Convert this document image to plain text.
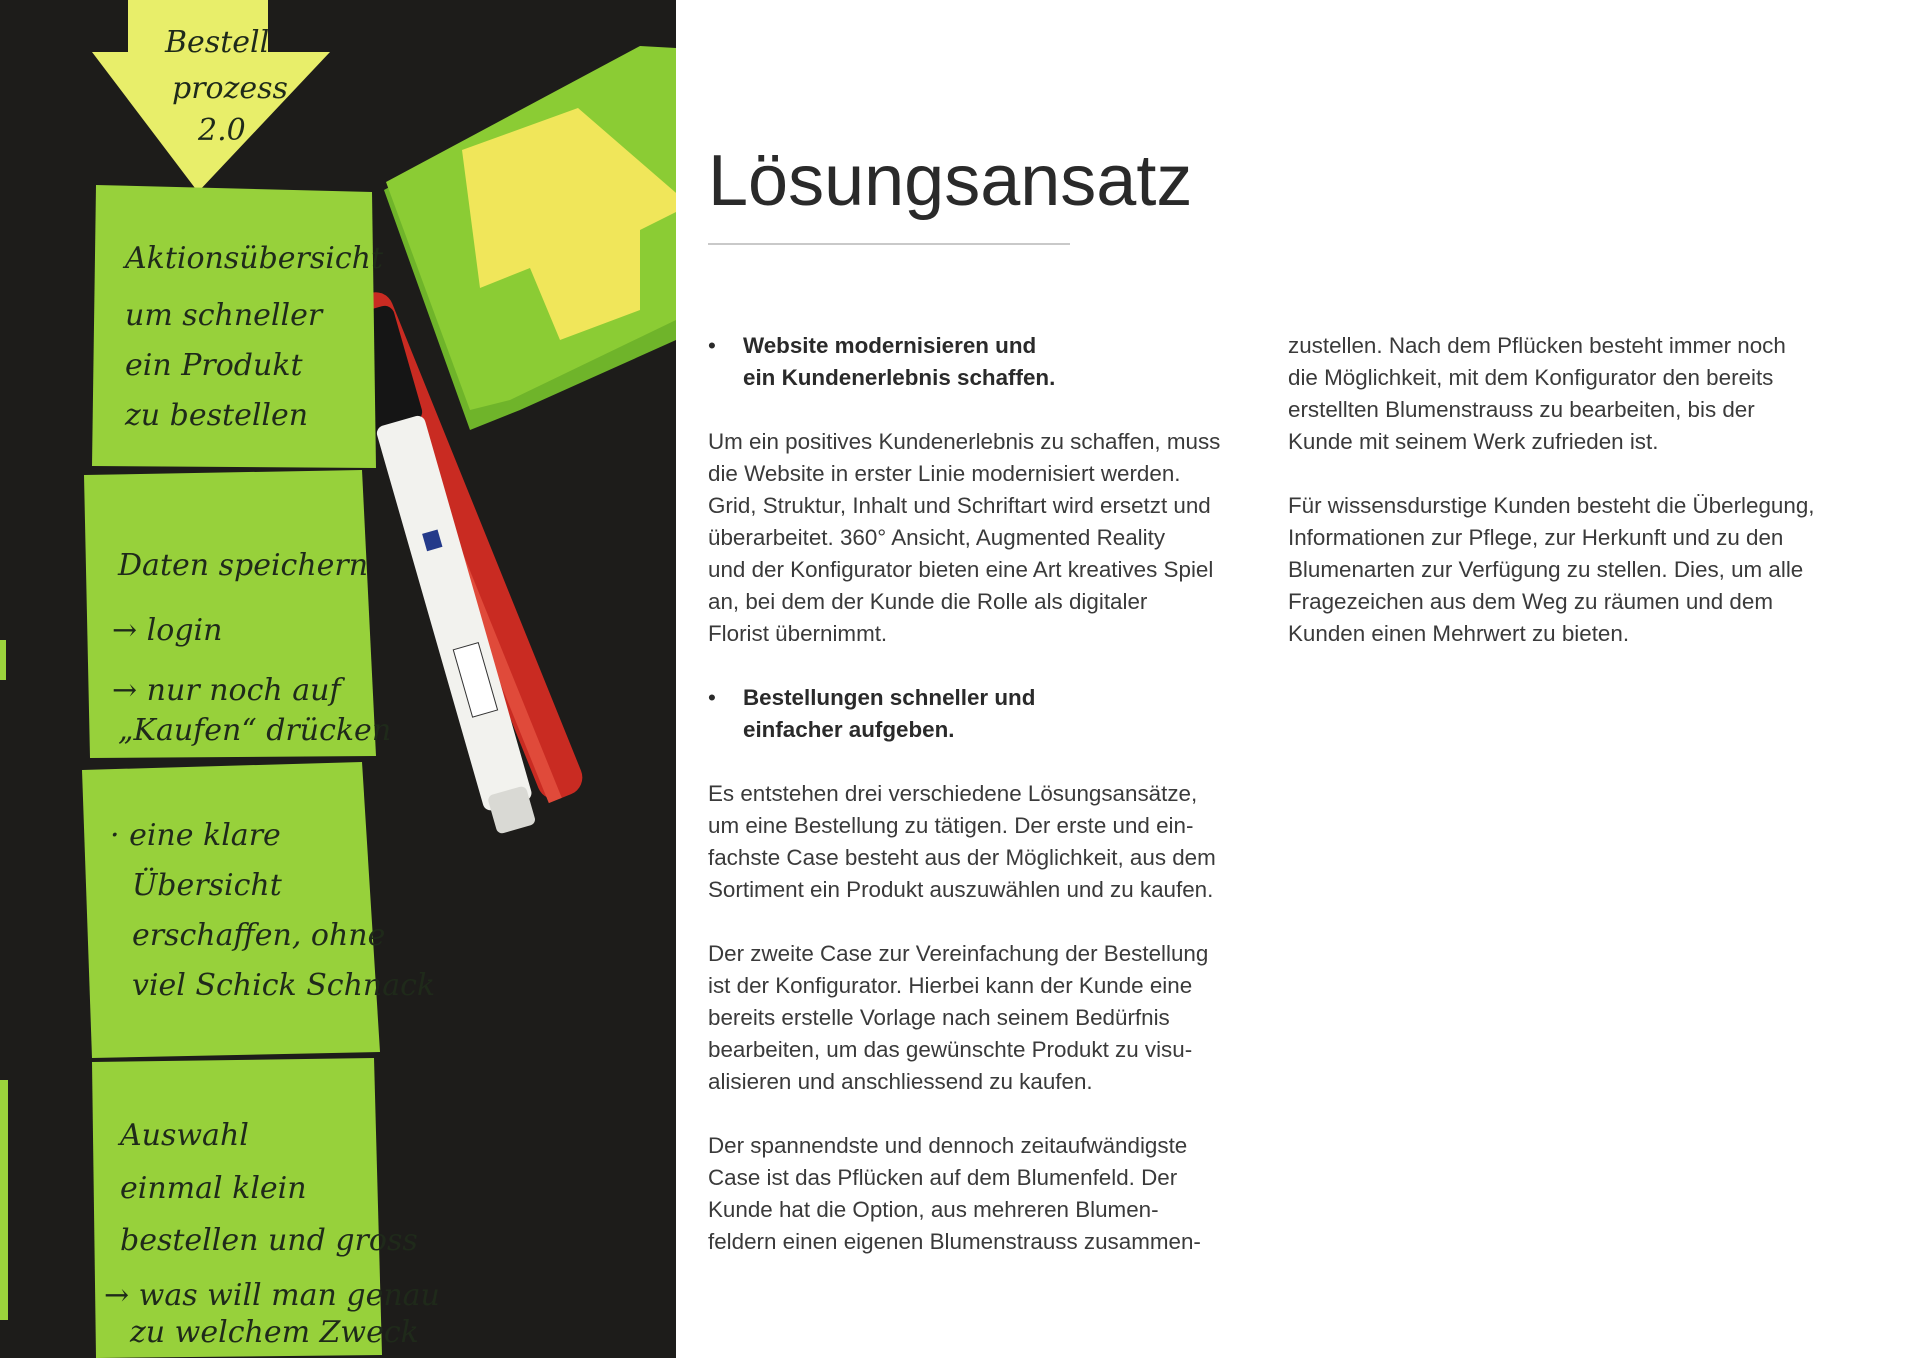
Bestell
prozess
2.0
Aktionsübersicht
um schneller
ein Produkt
zu bestellen
Daten speichern
→ login
→ nur noch auf
„Kaufen“ drücken
· eine klare
Übersicht
erschaffen, ohne
viel Schick Schnack
Auswahl
einmal klein
bestellen und gross
→ was will man genau
zu welchem Zweck
Lösungsansatz
• Website modernisieren und
ein Kundenerlebnis schaffen.

Um ein positives Kundenerlebnis zu schaffen, muss
die Website in erster Linie modernisiert werden.
Grid, Struktur, Inhalt und Schriftart wird ersetzt und
überarbeitet. 360° Ansicht, Augmented Reality
und der Konfigurator bieten eine Art kreatives Spiel
an, bei dem der Kunde die Rolle als digitaler
Florist übernimmt.

• Bestellungen schneller und
einfacher aufgeben.

Es entstehen drei verschiedene Lösungsansätze,
um eine Bestellung zu tätigen. Der erste und ein-
fachste Case besteht aus der Möglichkeit, aus dem
Sortiment ein Produkt auszuwählen und zu kaufen.

Der zweite Case zur Vereinfachung der Bestellung
ist der Konfigurator. Hierbei kann der Kunde eine
bereits erstelle Vorlage nach seinem Bedürfnis
bearbeiten, um das gewünschte Produkt zu visu-
alisieren und anschliessend zu kaufen.

Der spannendste und dennoch zeitaufwändigste
Case ist das Pflücken auf dem Blumenfeld. Der
Kunde hat die Option, aus mehreren Blumen-
feldern einen eigenen Blumenstrauss zusammen-

zustellen. Nach dem Pflücken besteht immer noch
die Möglichkeit, mit dem Konfigurator den bereits
erstellten Blumenstrauss zu bearbeiten, bis der
Kunde mit seinem Werk zufrieden ist.

Für wissensdurstige Kunden besteht die Überlegung,
Informationen zur Pflege, zur Herkunft und zu den
Blumenarten zur Verfügung zu stellen. Dies, um alle
Fragezeichen aus dem Weg zu räumen und dem
Kunden einen Mehrwert zu bieten.
